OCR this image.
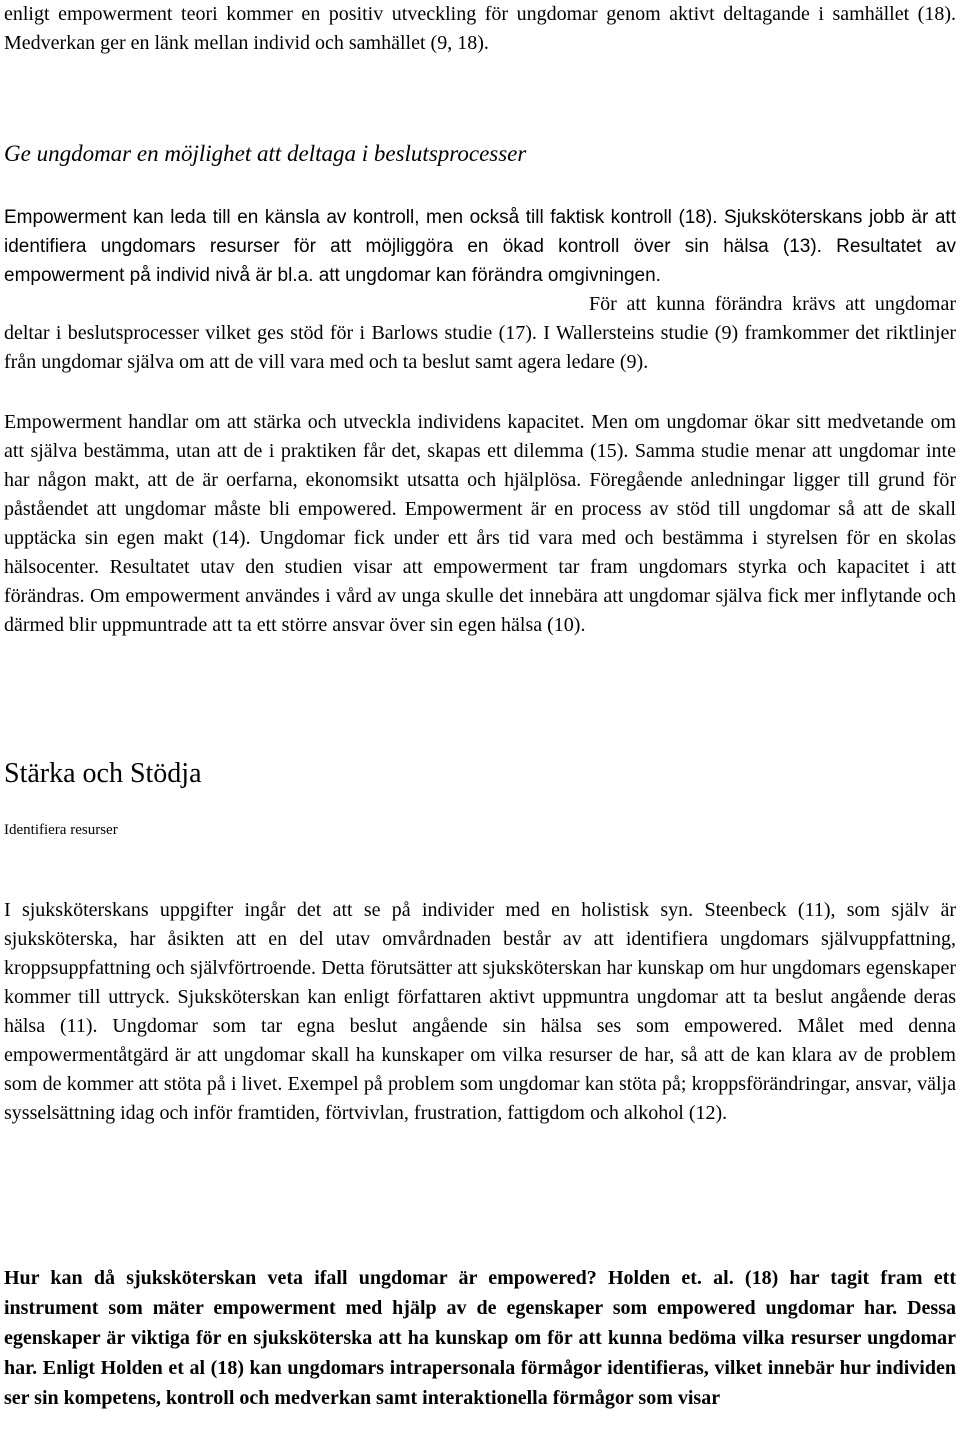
enligt empowerment teori kommer en positiv utveckling för ungdomar genom aktivt deltagande i samhället (18). Medverkan ger en länk mellan individ och samhället (9, 18).

Ge ungdomar en möjlighet att deltaga i beslutsprocesser

Empowerment kan leda till en känsla av kontroll, men också till faktisk kontroll (18). Sjuksköterskans jobb är att identifiera ungdomars resurser för att möjliggöra en ökad kontroll över sin hälsa (13). Resultatet av empowerment på individ nivå är bl.a. att ungdomar kan förändra omgivningen.

För att kunna förändra krävs att ungdomar deltar i beslutsprocesser vilket ges stöd för i Barlows studie (17). I Wallersteins studie (9) framkommer det riktlinjer från ungdomar själva om att de vill vara med och ta beslut samt agera ledare (9).

Empowerment handlar om att stärka och utveckla individens kapacitet. Men om ungdomar ökar sitt medvetande om att själva bestämma, utan att de i praktiken får det, skapas ett dilemma (15). Samma studie menar att ungdomar inte har någon makt, att de är oerfarna, ekonomsikt utsatta och hjälplösa. Föregående anledningar ligger till grund för påståendet att ungdomar måste bli empowered. Empowerment är en process av stöd till ungdomar så att de skall upptäcka sin egen makt (14). Ungdomar fick under ett års tid vara med och bestämma i styrelsen för en skolas hälsocenter. Resultatet utav den studien visar att empowerment tar fram ungdomars styrka och kapacitet i att förändras. Om empowerment användes i vård av unga skulle det innebära att ungdomar själva fick mer inflytande och därmed blir uppmuntrade att ta ett större ansvar över sin egen hälsa (10).

Stärka och Stödja
Identifiera resurser

I sjuksköterskans uppgifter ingår det att se på individer med en holistisk syn. Steenbeck (11), som själv är sjuksköterska, har åsikten att en del utav omvårdnaden består av att identifiera ungdomars självuppfattning, kroppsuppfattning och självförtroende. Detta förutsätter att sjuksköterskan har kunskap om hur ungdomars egenskaper kommer till uttryck. Sjuksköterskan kan enligt författaren aktivt uppmuntra ungdomar att ta beslut angående deras hälsa (11). Ungdomar som tar egna beslut angående sin hälsa ses som empowered. Målet med denna empowermentåtgärd är att ungdomar skall ha kunskaper om vilka resurser de har, så att de kan klara av de problem som de kommer att stöta på i livet. Exempel på problem som ungdomar kan stöta på; kroppsförändringar, ansvar, välja sysselsättning idag och inför framtiden, förtvivlan, frustration, fattigdom och alkohol (12).

Hur kan då sjuksköterskan veta ifall ungdomar är empowered? Holden et. al. (18) har tagit fram ett instrument som mäter empowerment med hjälp av de egenskaper som empowered ungdomar har. Dessa egenskaper är viktiga för en sjuksköterska att ha kunskap om för att kunna bedöma vilka resurser ungdomar har. Enligt Holden et al (18) kan ungdomars intrapersonala förmågor identifieras, vilket innebär hur individen ser sin kompetens, kontroll och medverkan samt interaktionella förmågor som visar
